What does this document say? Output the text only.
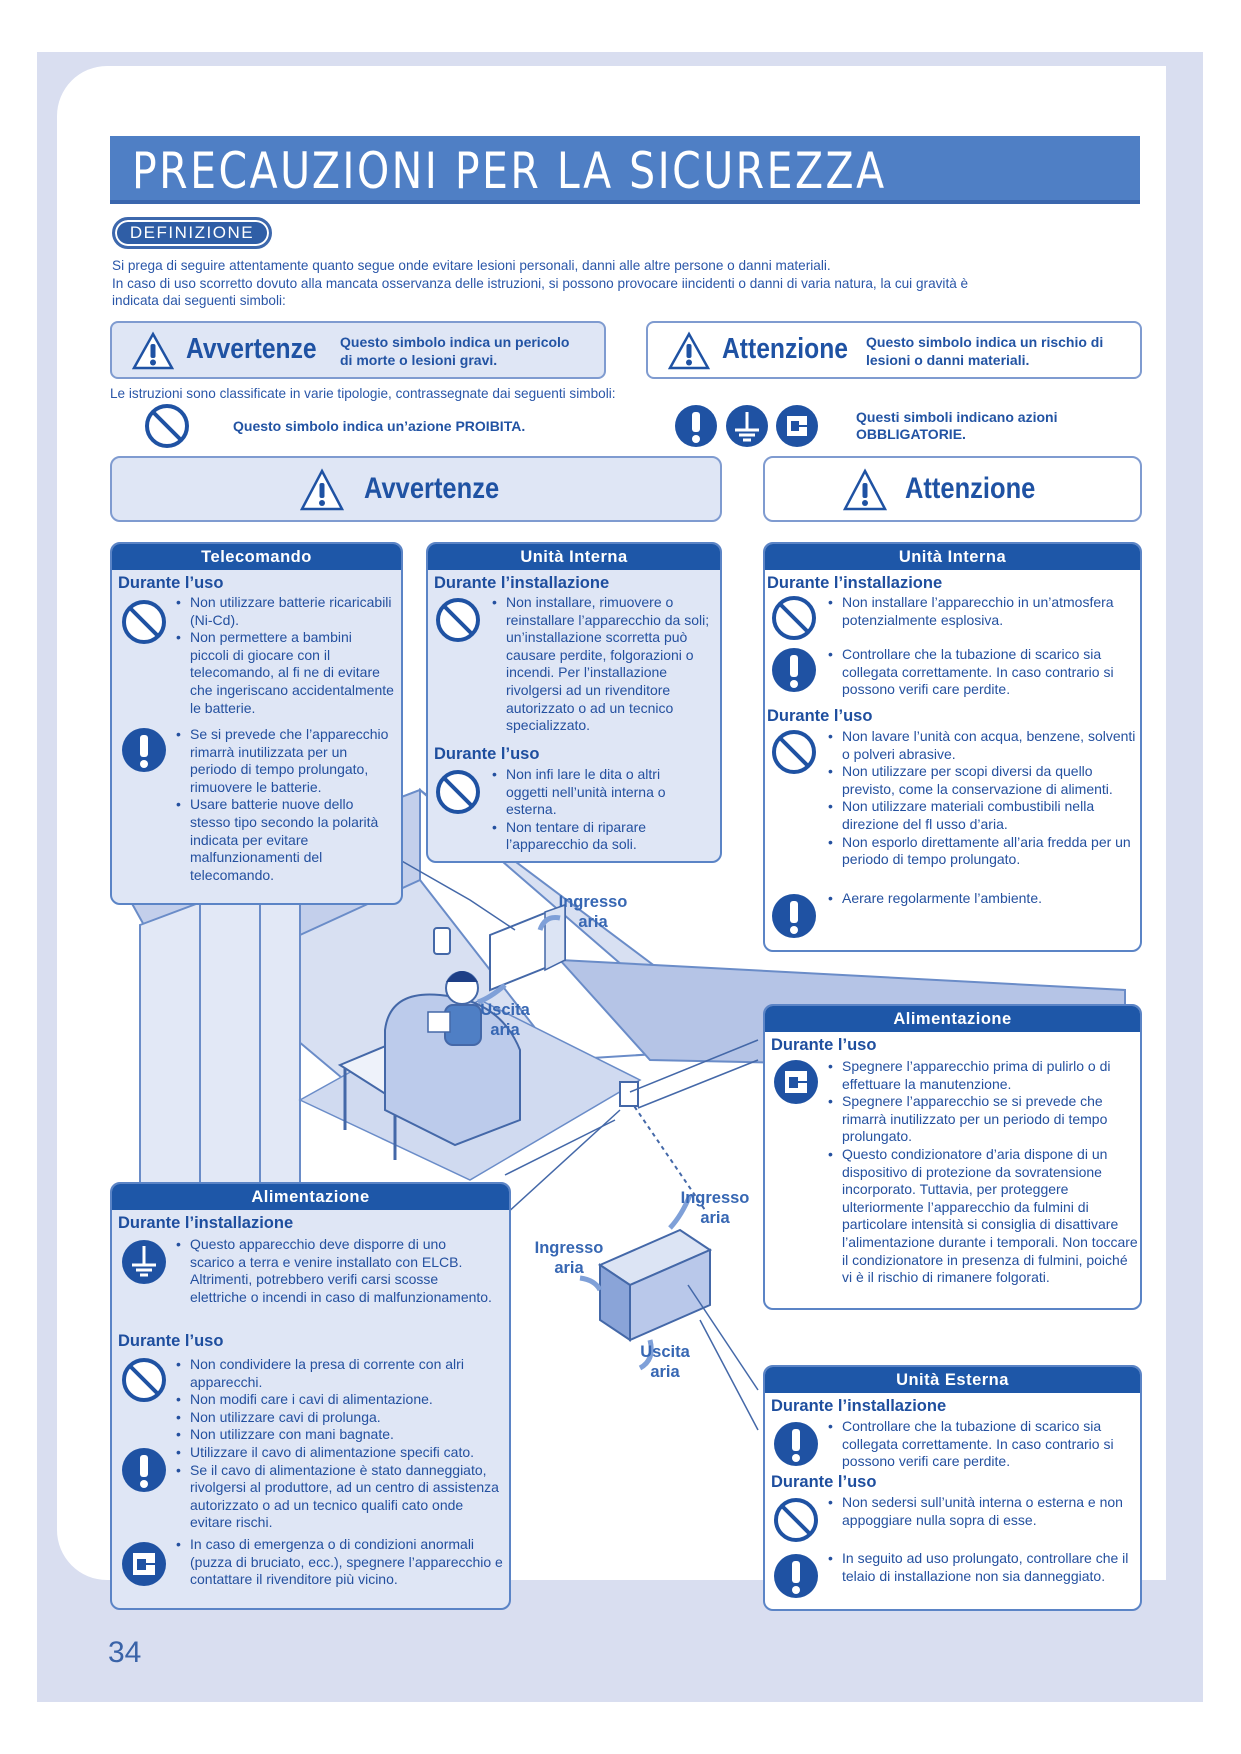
PRECAUZIONI PER LA SICUREZZA
DEFINIZIONE
Si prega di seguire attentamente quanto segue onde evitare lesioni personali, danni alle altre persone o danni materiali.
In caso di uso scorretto dovuto alla mancata osservanza delle istruzioni, si possono provocare iincidenti o danni di varia natura, la cui gravità è
indicata dai seguenti simboli:
Avvertenze Questo simbolo indica un pericolo
di morte o lesioni gravi.	Attenzione Questo simbolo indica un rischio di
lesioni o danni materiali.
Le istruzioni sono classificate in varie tipologie, contrassegnate dai seguenti simboli:
Questo simbolo indica un’azione PROIBITA.
Questi simboli indicano azioni
OBBLIGATORIE.
Avvertenze	Attenzione
Telecomando
Durante l’uso
• Non utilizzare batterie ricaricabili (Ni-Cd).
• Non permettere a bambini piccoli di giocare con il telecomando, al fi ne di evitare che ingeriscano accidentalmente le batterie.
• Se si prevede che l’apparecchio rimarrà inutilizzata per un periodo di tempo prolungato, rimuovere le batterie.
• Usare batterie nuove dello stesso tipo secondo la polarità indicata per evitare malfunzionamenti del telecomando.
Unità Interna
Durante l’installazione
• Non installare, rimuovere o reinstallare l’apparecchio da soli; un’installazione scorretta può causare perdite, folgorazioni o incendi. Per l’installazione rivolgersi ad un rivenditore autorizzato o ad un tecnico specializzato.
Durante l’uso
• Non infi lare le dita o altri oggetti nell’unità interna o esterna.
• Non tentare di riparare l’apparecchio da soli.
Unità Interna
Durante l’installazione
• Non installare l’apparecchio in un’atmosfera potenzialmente esplosiva.
• Controllare che la tubazione di scarico sia collegata correttamente. In caso contrario si possono verifi care perdite.
Durante l’uso
• Non lavare l’unità con acqua, benzene, solventi o polveri abrasive.
• Non utilizzare per scopi diversi da quello previsto, come la conservazione di alimenti.
• Non utilizzare materiali combustibili nella direzione del fl usso d’aria.
• Non esporlo direttamente all’aria fredda per un periodo di tempo prolungato.
• Aerare regolarmente l’ambiente.
Alimentazione
Durante l’uso
• Spegnere l’apparecchio prima di pulirlo o di effettuare la manutenzione.
• Spegnere l’apparecchio se si prevede che rimarrà inutilizzato per un periodo di tempo prolungato.
• Questo condizionatore d’aria dispone di un dispositivo di protezione da sovratensione incorporato. Tuttavia, per proteggere ulteriormente l’apparecchio da fulmini di particolare intensità si consiglia di disattivare l’alimentazione durante i temporali. Non toccare il condizionatore in presenza di fulmini, poiché vi è il rischio di rimanere folgorati.
Alimentazione
Durante l’installazione
• Questo apparecchio deve disporre di uno scarico a terra e venire installato con ELCB. Altrimenti, potrebbero verifi carsi scosse elettriche o incendi in caso di malfunzionamento.
Durante l’uso
• Non condividere la presa di corrente con alri apparecchi.
• Non modifi care i cavi di alimentazione.
• Non utilizzare cavi di prolunga.
• Non utilizzare con mani bagnate.
• Utilizzare il cavo di alimentazione specifi cato.
• Se il cavo di alimentazione è stato danneggiato, rivolgersi al produttore, ad un centro di assistenza autorizzato o ad un tecnico qualifi cato onde evitare rischi.
• In caso di emergenza o di condizioni anormali (puzza di bruciato, ecc.), spegnere l’apparecchio e contattare il rivenditore più vicino.
Unità Esterna
Durante l’installazione
• Controllare che la tubazione di scarico sia collegata correttamente. In caso contrario si possono verifi care perdite.
Durante l’uso
• Non sedersi sull’unità interna o esterna e non appoggiare nulla sopra di esse.
• In seguito ad uso prolungato, controllare che il telaio di installazione non sia danneggiato.
Ingresso
aria
Uscita
aria
Ingresso
aria
Ingresso
aria
Uscita
aria
34
